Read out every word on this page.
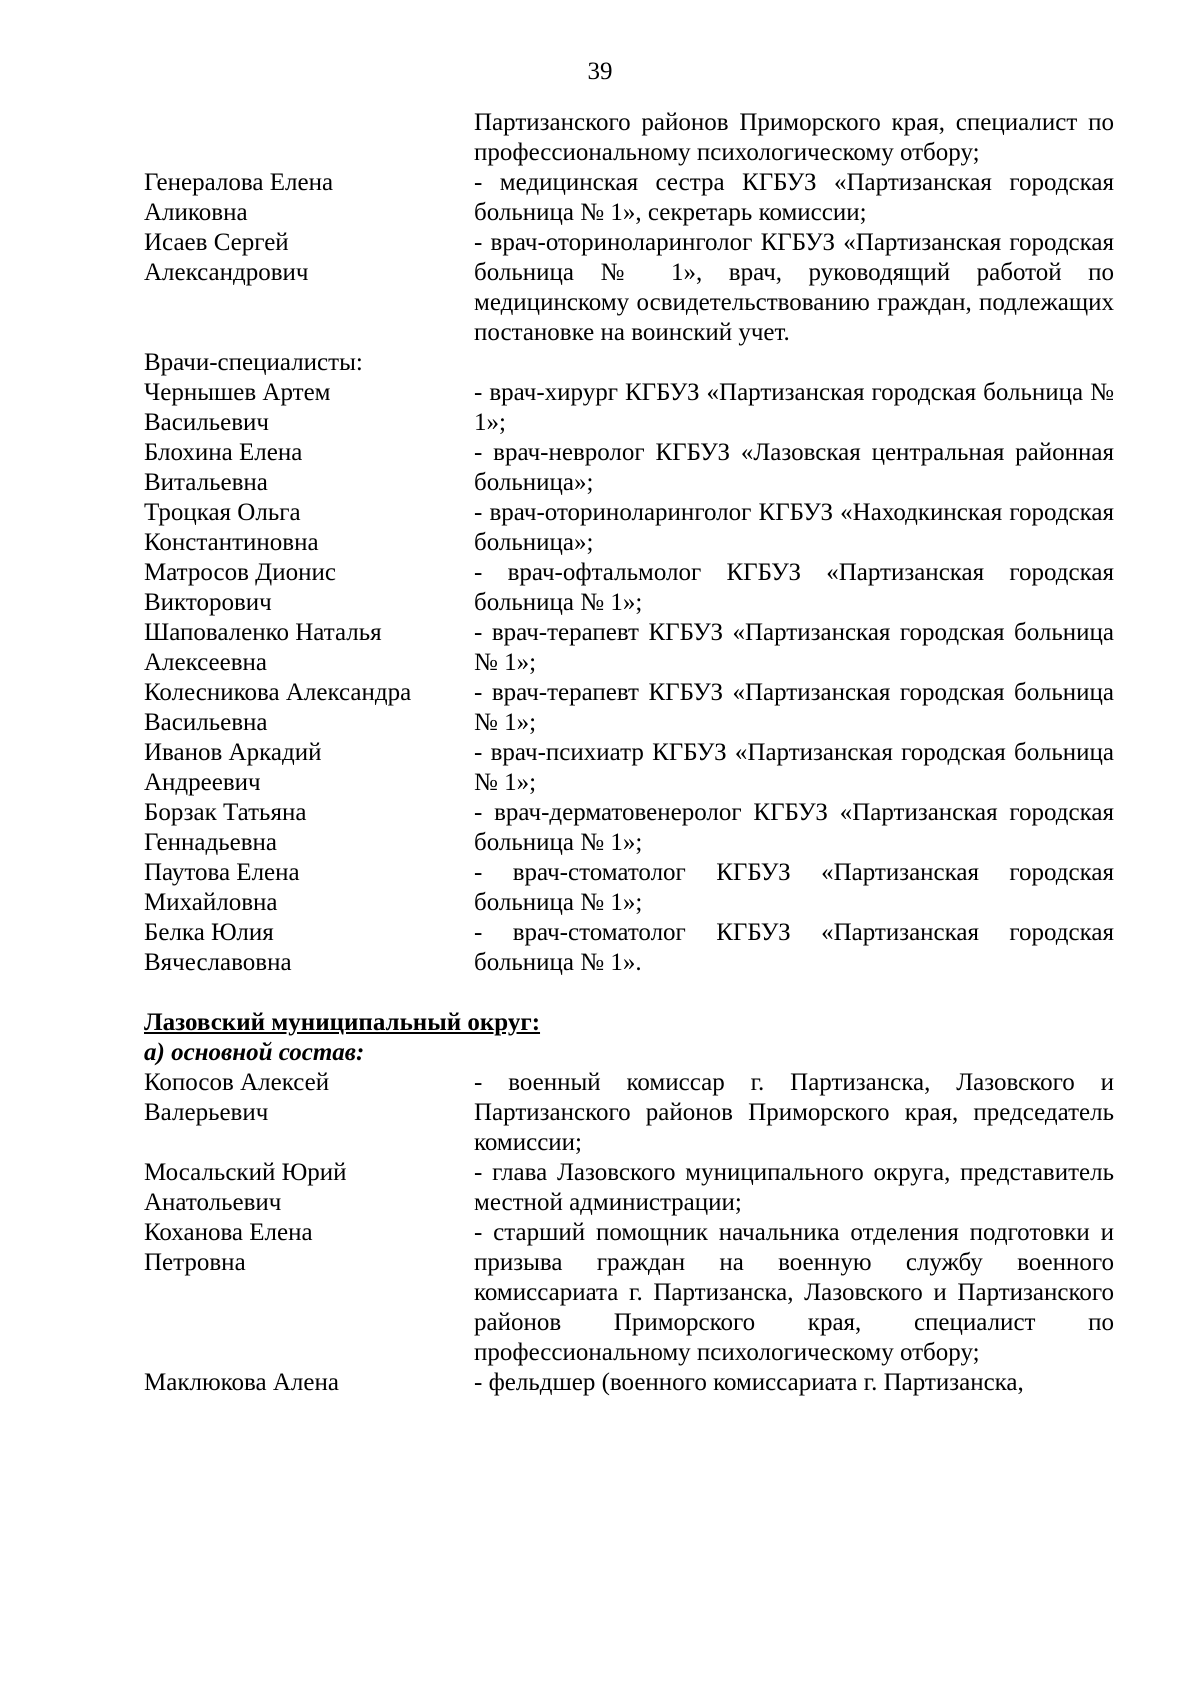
39
Партизанского районов Приморского края, специалист по профессиональному психологическому отбору;
Генералова Елена
Аликовна
- медицинская сестра КГБУЗ «Партизанская городская больница № 1», секретарь комиссии;
Исаев Сергей
Александрович
- врач-оториноларинголог КГБУЗ «Партизанская городская больница № 1», врач, руководящий работой по медицинскому освидетельствованию граждан, подлежащих постановке на воинский учет.
Врачи-специалисты:
Чернышев Артем
Васильевич
- врач-хирург КГБУЗ «Партизанская городская больница № 1»;
Блохина Елена
Витальевна
- врач-невролог КГБУЗ «Лазовская центральная районная больница»;
Троцкая Ольга
Константиновна
- врач-оториноларинголог КГБУЗ «Находкинская городская больница»;
Матросов Дионис
Викторович
- врач-офтальмолог КГБУЗ «Партизанская городская больница № 1»;
Шаповаленко Наталья
Алексеевна
- врач-терапевт КГБУЗ «Партизанская городская больница № 1»;
Колесникова Александра
Васильевна
- врач-терапевт КГБУЗ «Партизанская городская больница № 1»;
Иванов Аркадий
Андреевич
- врач-психиатр КГБУЗ «Партизанская городская больница № 1»;
Борзак Татьяна
Геннадьевна
- врач-дерматовенеролог КГБУЗ «Партизанская городская больница № 1»;
Паутова Елена
Михайловна
- врач-стоматолог КГБУЗ «Партизанская городская больница № 1»;
Белка Юлия
Вячеславовна
- врач-стоматолог КГБУЗ «Партизанская городская больница № 1».
Лазовский муниципальный округ:
а) основной состав:
Копосов Алексей
Валерьевич
- военный комиссар г. Партизанска, Лазовского и Партизанского районов Приморского края, председатель комиссии;
Мосальский Юрий
Анатольевич
- глава Лазовского муниципального округа, представитель местной администрации;
Коханова Елена
Петровна
- старший помощник начальника отделения подготовки и призыва граждан на военную службу военного комиссариата г. Партизанска, Лазовского и Партизанского районов Приморского края, специалист по профессиональному психологическому отбору;
Маклюкова Алена	- фельдшер (военного комиссариата г. Партизанска,
